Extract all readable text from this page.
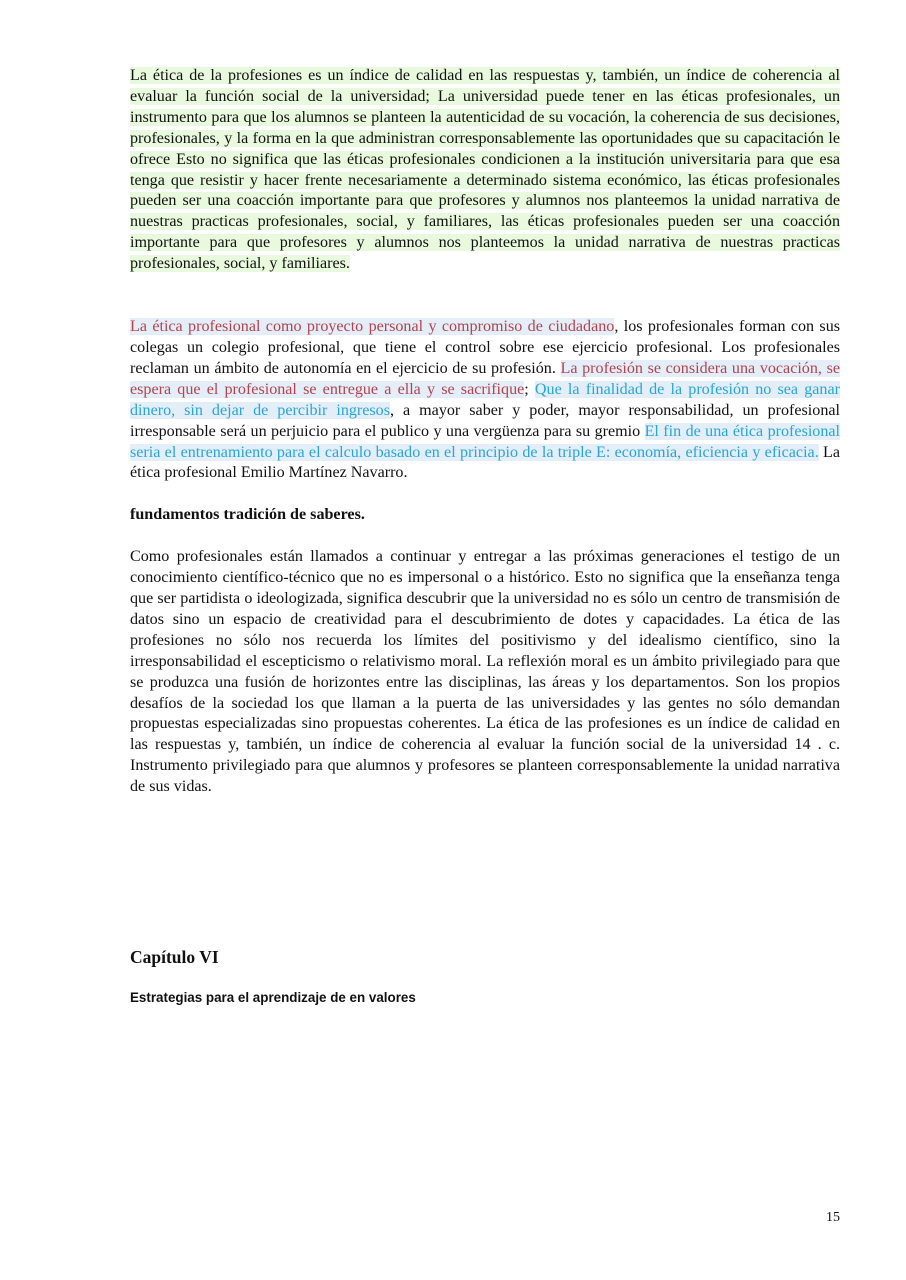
La ética de la profesiones es un índice de calidad en las respuestas y, también, un índice de coherencia al evaluar la función social de la universidad; La universidad puede tener en las éticas profesionales, un instrumento para que los alumnos se planteen la autenticidad de su vocación, la coherencia de sus decisiones, profesionales, y la forma en la que administran corresponsablemente las oportunidades que su capacitación le ofrece Esto no significa que las éticas profesionales condicionen a la institución universitaria para que esa tenga que resistir y hacer frente necesariamente a determinado sistema económico, las éticas profesionales pueden ser una coacción importante para que profesores y alumnos nos planteemos la unidad narrativa de nuestras practicas profesionales, social, y familiares, las éticas profesionales pueden ser una coacción importante para que profesores y alumnos nos planteemos la unidad narrativa de nuestras practicas profesionales, social, y familiares.

La ética profesional como proyecto personal y compromiso de ciudadano, los profesionales forman con sus colegas un colegio profesional, que tiene el control sobre ese ejercicio profesional. Los profesionales reclaman un ámbito de autonomía en el ejercicio de su profesión. La profesión se considera una vocación, se espera que el profesional se entregue a ella y se sacrifique; Que la finalidad de la profesión no sea ganar dinero, sin dejar de percibir ingresos, a mayor saber y poder, mayor responsabilidad, un profesional irresponsable será un perjuicio para el publico y una vergüenza para su gremio El fin de una ética profesional seria el entrenamiento para el calculo basado en el principio de la triple E: economía, eficiencia y eficacia. La ética profesional Emilio Martínez Navarro.

fundamentos tradición de saberes.

Como profesionales están llamados a continuar y entregar a las próximas generaciones el testigo de un conocimiento científico-técnico que no es impersonal o a histórico. Esto no significa que la enseñanza tenga que ser partidista o ideologizada, significa descubrir que la universidad no es sólo un centro de transmisión de datos sino un espacio de creatividad para el descubrimiento de dotes y capacidades. La ética de las profesiones no sólo nos recuerda los límites del positivismo y del idealismo científico, sino la irresponsabilidad el escepticismo o relativismo moral. La reflexión moral es un ámbito privilegiado para que se produzca una fusión de horizontes entre las disciplinas, las áreas y los departamentos. Son los propios desafíos de la sociedad los que llaman a la puerta de las universidades y las gentes no sólo demandan propuestas especializadas sino propuestas coherentes. La ética de las profesiones es un índice de calidad en las respuestas y, también, un índice de coherencia al evaluar la función social de la universidad 14 . c. Instrumento privilegiado para que alumnos y profesores se planteen corresponsablemente la unidad narrativa de sus vidas.

Capítulo VI
Estrategias para el aprendizaje de en valores
15
